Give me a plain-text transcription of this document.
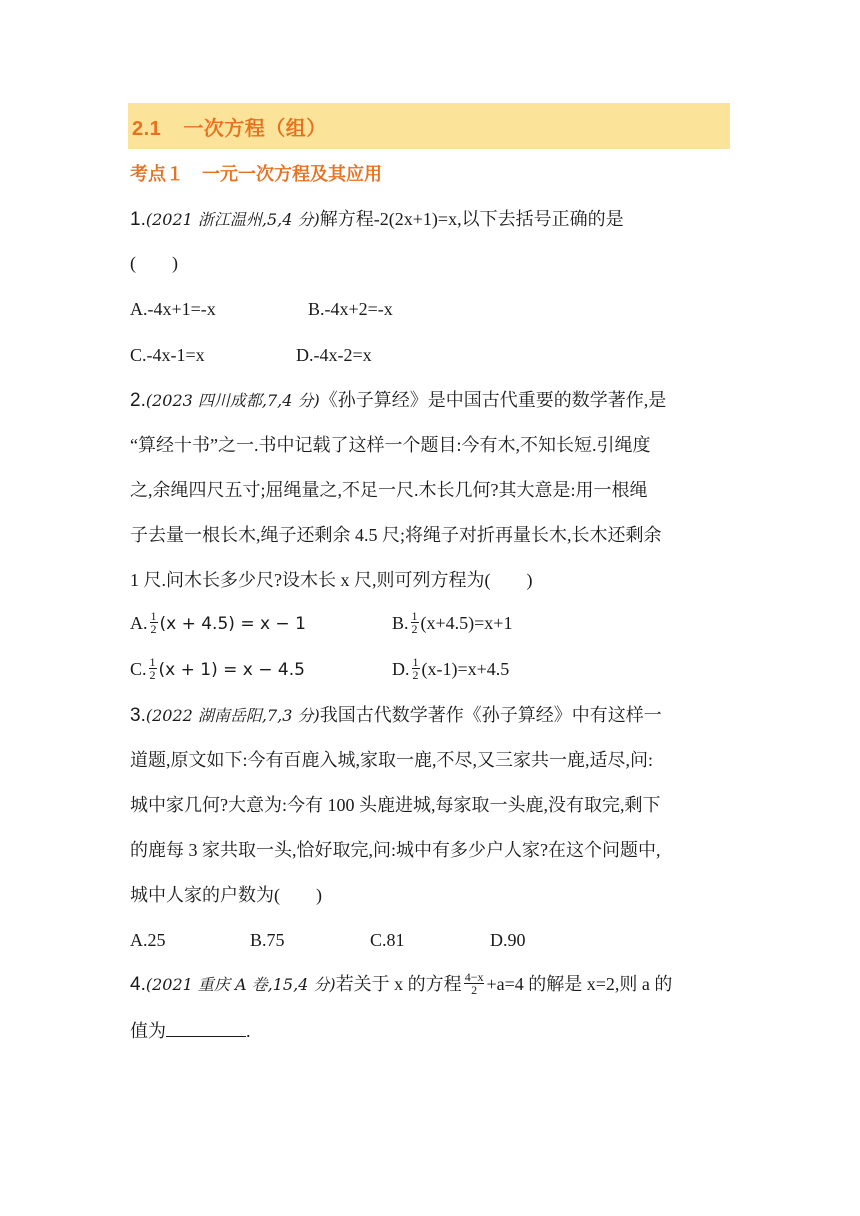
2.1 一次方程（组）
考点１ 一元一次方程及其应用
1.(2021 浙江温州,5,4 分)解方程-2(2x+1)=x,以下去括号正确的是
(　　)
A.-4x+1=-x	B.-4x+2=-x
C.-4x-1=x	D.-4x-2=x
2.(2023 四川成都,7,4 分)《孙子算经》是中国古代重要的数学著作,是
“算经十书”之一.书中记载了这样一个题目:今有木,不知长短.引绳度
之,余绳四尺五寸;屈绳量之,不足一尺.木长几何?其大意是:用一根绳
子去量一根长木,绳子还剩余 4.5 尺;将绳子对折再量长木,长木还剩余
1 尺.问木长多少尺?设木长 x 尺,则可列方程为(　　)
A. $\frac{1}{2} (x + 4.5) = x - 1$	B. $\frac{1}{2} (x+4.5)=x+1$
C. $\frac{1}{2} (x + 1) = x - 4.5$	D. $\frac{1}{2} (x-1)=x+4.5$
3.(2022 湖南岳阳,7,3 分)我国古代数学著作《孙子算经》中有这样一
道题,原文如下:今有百鹿入城,家取一鹿,不尽,又三家共一鹿,适尽,问:
城中家几何?大意为:今有 100 头鹿进城,每家取一头鹿,没有取完,剩下
的鹿每 3 家共取一头,恰好取完,问:城中有多少户人家?在这个问题中,
城中人家的户数为(　　)
A.25	B.75	C.81	D.90
4.(2021 重庆 A 卷,15,4 分)若关于 x 的方程 $\frac{4-x}{2} +a=4$ 的解是 x=2,则 a 的
值为	.
